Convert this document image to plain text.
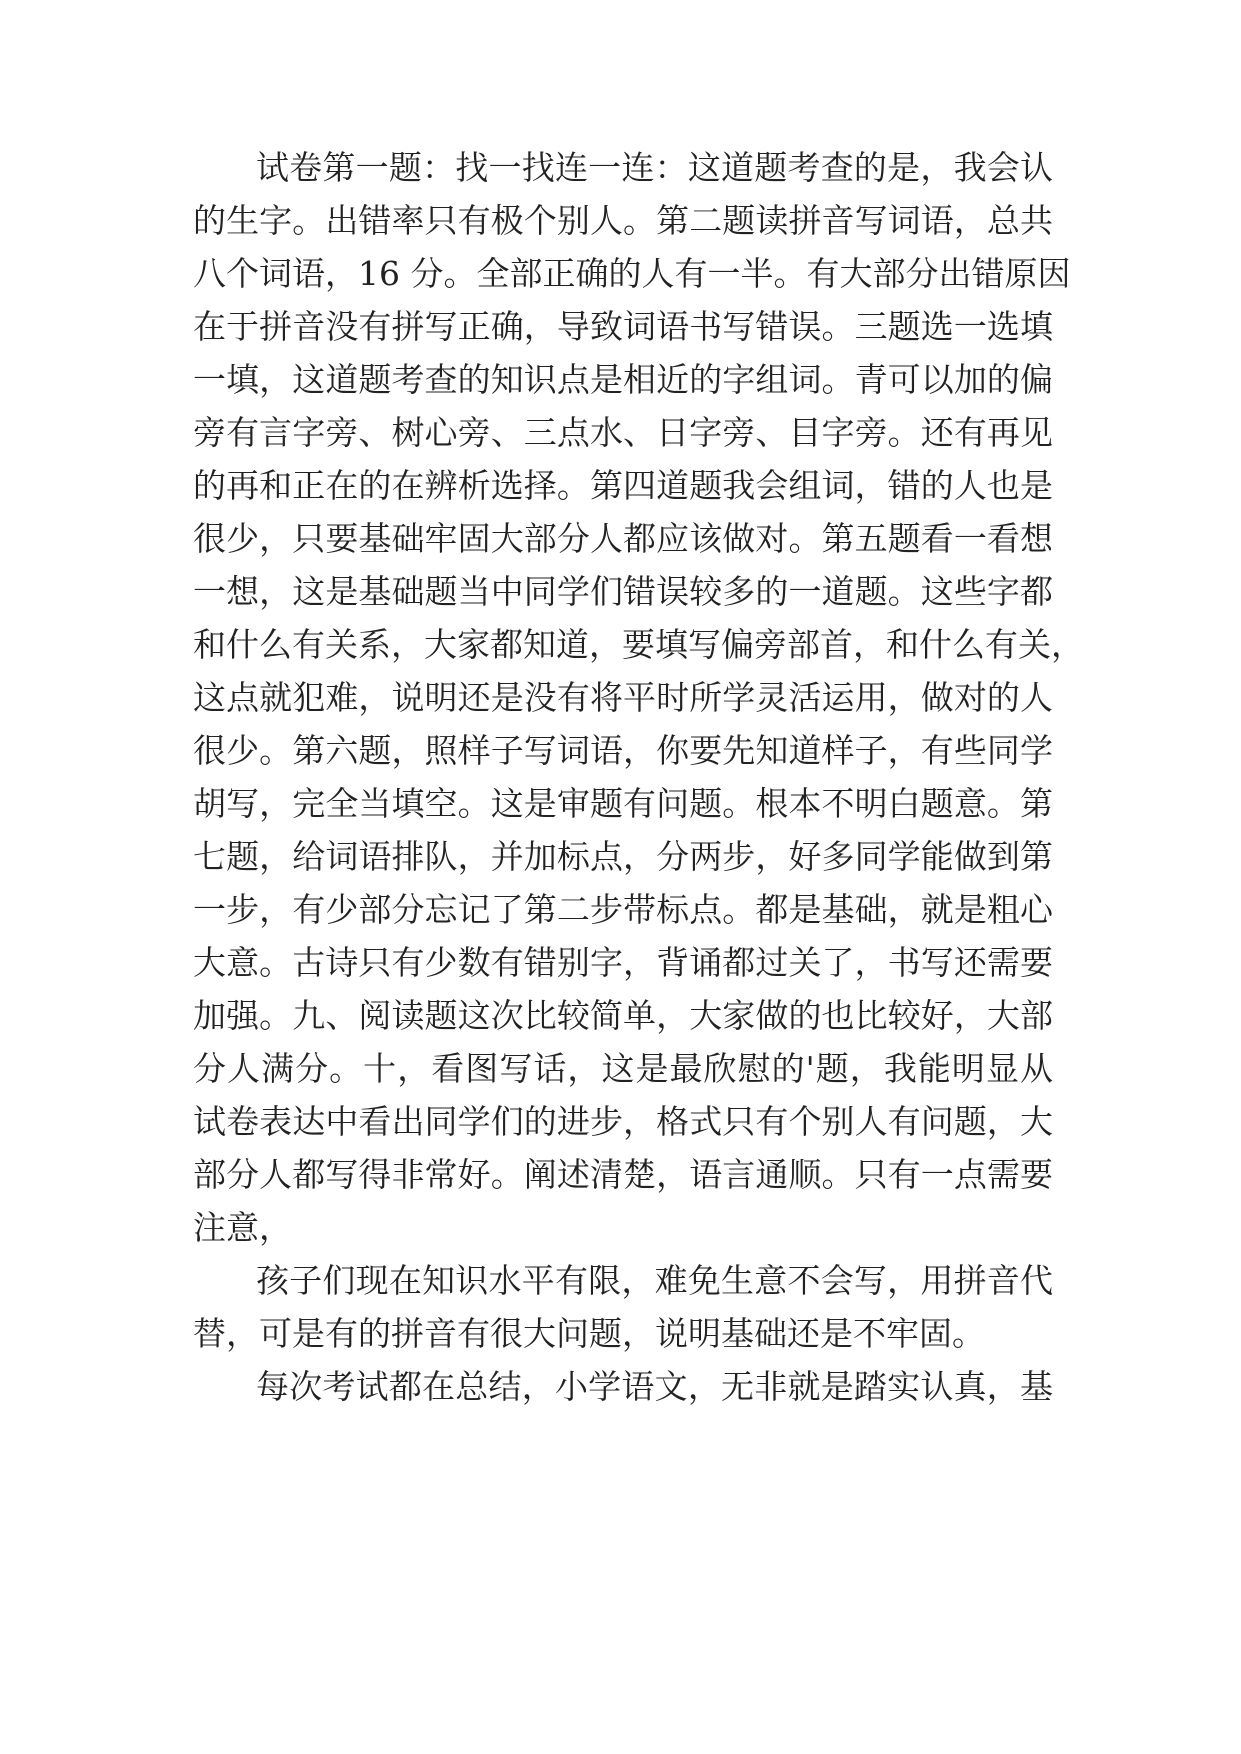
试卷第一题：找一找连一连：这道题考查的是，我会认

的生字。出错率只有极个别人。第二题读拼音写词语，总共

八个词语，16 分。全部正确的人有一半。有大部分出错原因

在于拼音没有拼写正确，导致词语书写错误。三题选一选填

一填，这道题考查的知识点是相近的字组词。青可以加的偏

旁有言字旁、树心旁、三点水、日字旁、目字旁。还有再见

的再和正在的在辨析选择。第四道题我会组词，错的人也是

很少，只要基础牢固大部分人都应该做对。第五题看一看想

一想，这是基础题当中同学们错误较多的一道题。这些字都

和什么有关系，大家都知道，要填写偏旁部首，和什么有关，

这点就犯难，说明还是没有将平时所学灵活运用，做对的人

很少。第六题，照样子写词语，你要先知道样子，有些同学

胡写，完全当填空。这是审题有问题。根本不明白题意。第

七题，给词语排队，并加标点，分两步，好多同学能做到第

一步，有少部分忘记了第二步带标点。都是基础，就是粗心

大意。古诗只有少数有错别字，背诵都过关了，书写还需要

加强。九、阅读题这次比较简单，大家做的也比较好，大部

分人满分。十，看图写话，这是最欣慰的'题，我能明显从

试卷表达中看出同学们的进步，格式只有个别人有问题，大

部分人都写得非常好。阐述清楚，语言通顺。只有一点需要

注意，

孩子们现在知识水平有限，难免生意不会写，用拼音代

替，可是有的拼音有很大问题，说明基础还是不牢固。

每次考试都在总结，小学语文，无非就是踏实认真，基
